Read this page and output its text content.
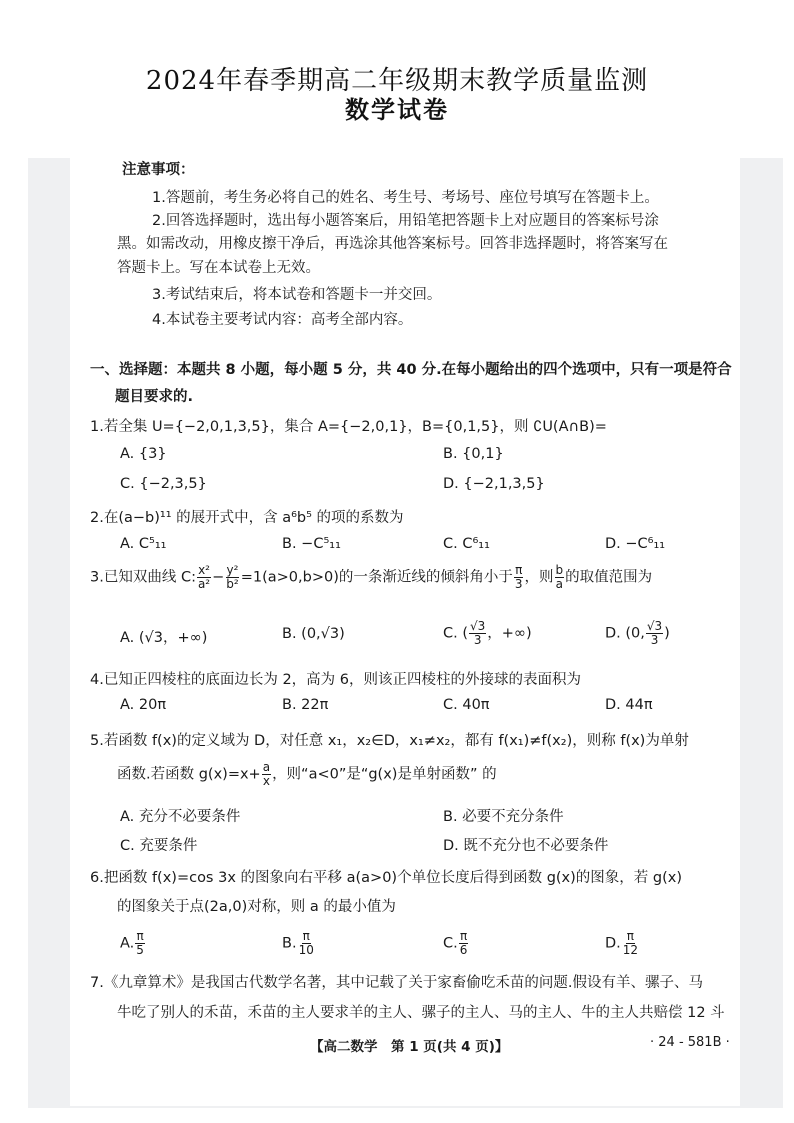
2024年春季期高二年级期末教学质量监测
数学试卷
注意事项：
1.答题前，考生务必将自己的姓名、考生号、考场号、座位号填写在答题卡上。
2.回答选择题时，选出每小题答案后，用铅笔把答题卡上对应题目的答案标号涂
黑。如需改动，用橡皮擦干净后，再选涂其他答案标号。回答非选择题时，将答案写在
答题卡上。写在本试卷上无效。
3.考试结束后，将本试卷和答题卡一并交回。
4.本试卷主要考试内容：高考全部内容。
一、选择题：本题共 8 小题，每小题 5 分，共 40 分.在每小题给出的四个选项中，只有一项是符合
题目要求的.
1.若全集 U={−2,0,1,3,5}，集合 A={−2,0,1}，B={0,1,5}，则 ∁U(A∩B)=
A. {3}	B. {0,1}
C. {−2,3,5}	D. {−2,1,3,5}
2.在(a−b)¹¹ 的展开式中，含 a⁶b⁵ 的项的系数为
A. C⁵₁₁	B. −C⁵₁₁	C. C⁶₁₁	D. −C⁶₁₁
3.已知双曲线 C: $\frac{\text{x²}}{\text{a²}} - \frac{\text{y²}}{\text{b²}} =1(a>0,b>0)$的一条渐近线的倾斜角小于 $\frac{\pi}{3}$ ，则 $\frac{b}{a}$ 的取值范围为
A. (√3，+∞)	B. (0,√3)	C. ( $\frac{√3}{3}$ ，+∞)	D. (0, $\frac{√3}{3}$ )
4.已知正四棱柱的底面边长为 2，高为 6，则该正四棱柱的外接球的表面积为
A. 20π	B. 22π	C. 40π	D. 44π
5.若函数 f(x)的定义域为 D，对任意 x₁，x₂∈D，x₁≠x₂，都有 f(x₁)≠f(x₂)，则称 f(x)为单射
函数.若函数 $g(x)=x+ \frac{a}{x}$ ，则“a<0”是“g(x)是单射函数” 的
A. 充分不必要条件	B. 必要不充分条件
C. 充要条件	D. 既不充分也不必要条件
6.把函数 f(x)=cos 3x 的图象向右平移 a(a>0)个单位长度后得到函数 g(x)的图象，若 g(x)
的图象关于点(2a,0)对称，则 a 的最小值为
A. $\frac{\pi}{5}$	B. $\frac{\pi}{10}$	C. $\frac{\pi}{6}$	D. $\frac{\pi}{12}$
7.《九章算术》是我国古代数学名著，其中记载了关于家畜偷吃禾苗的问题.假设有羊、骡子、马
牛吃了别人的禾苗，禾苗的主人要求羊的主人、骡子的主人、马的主人、牛的主人共赔偿 12 斗
【高二数学　第 1 页(共 4 页)】	· 24 - 581B ·
